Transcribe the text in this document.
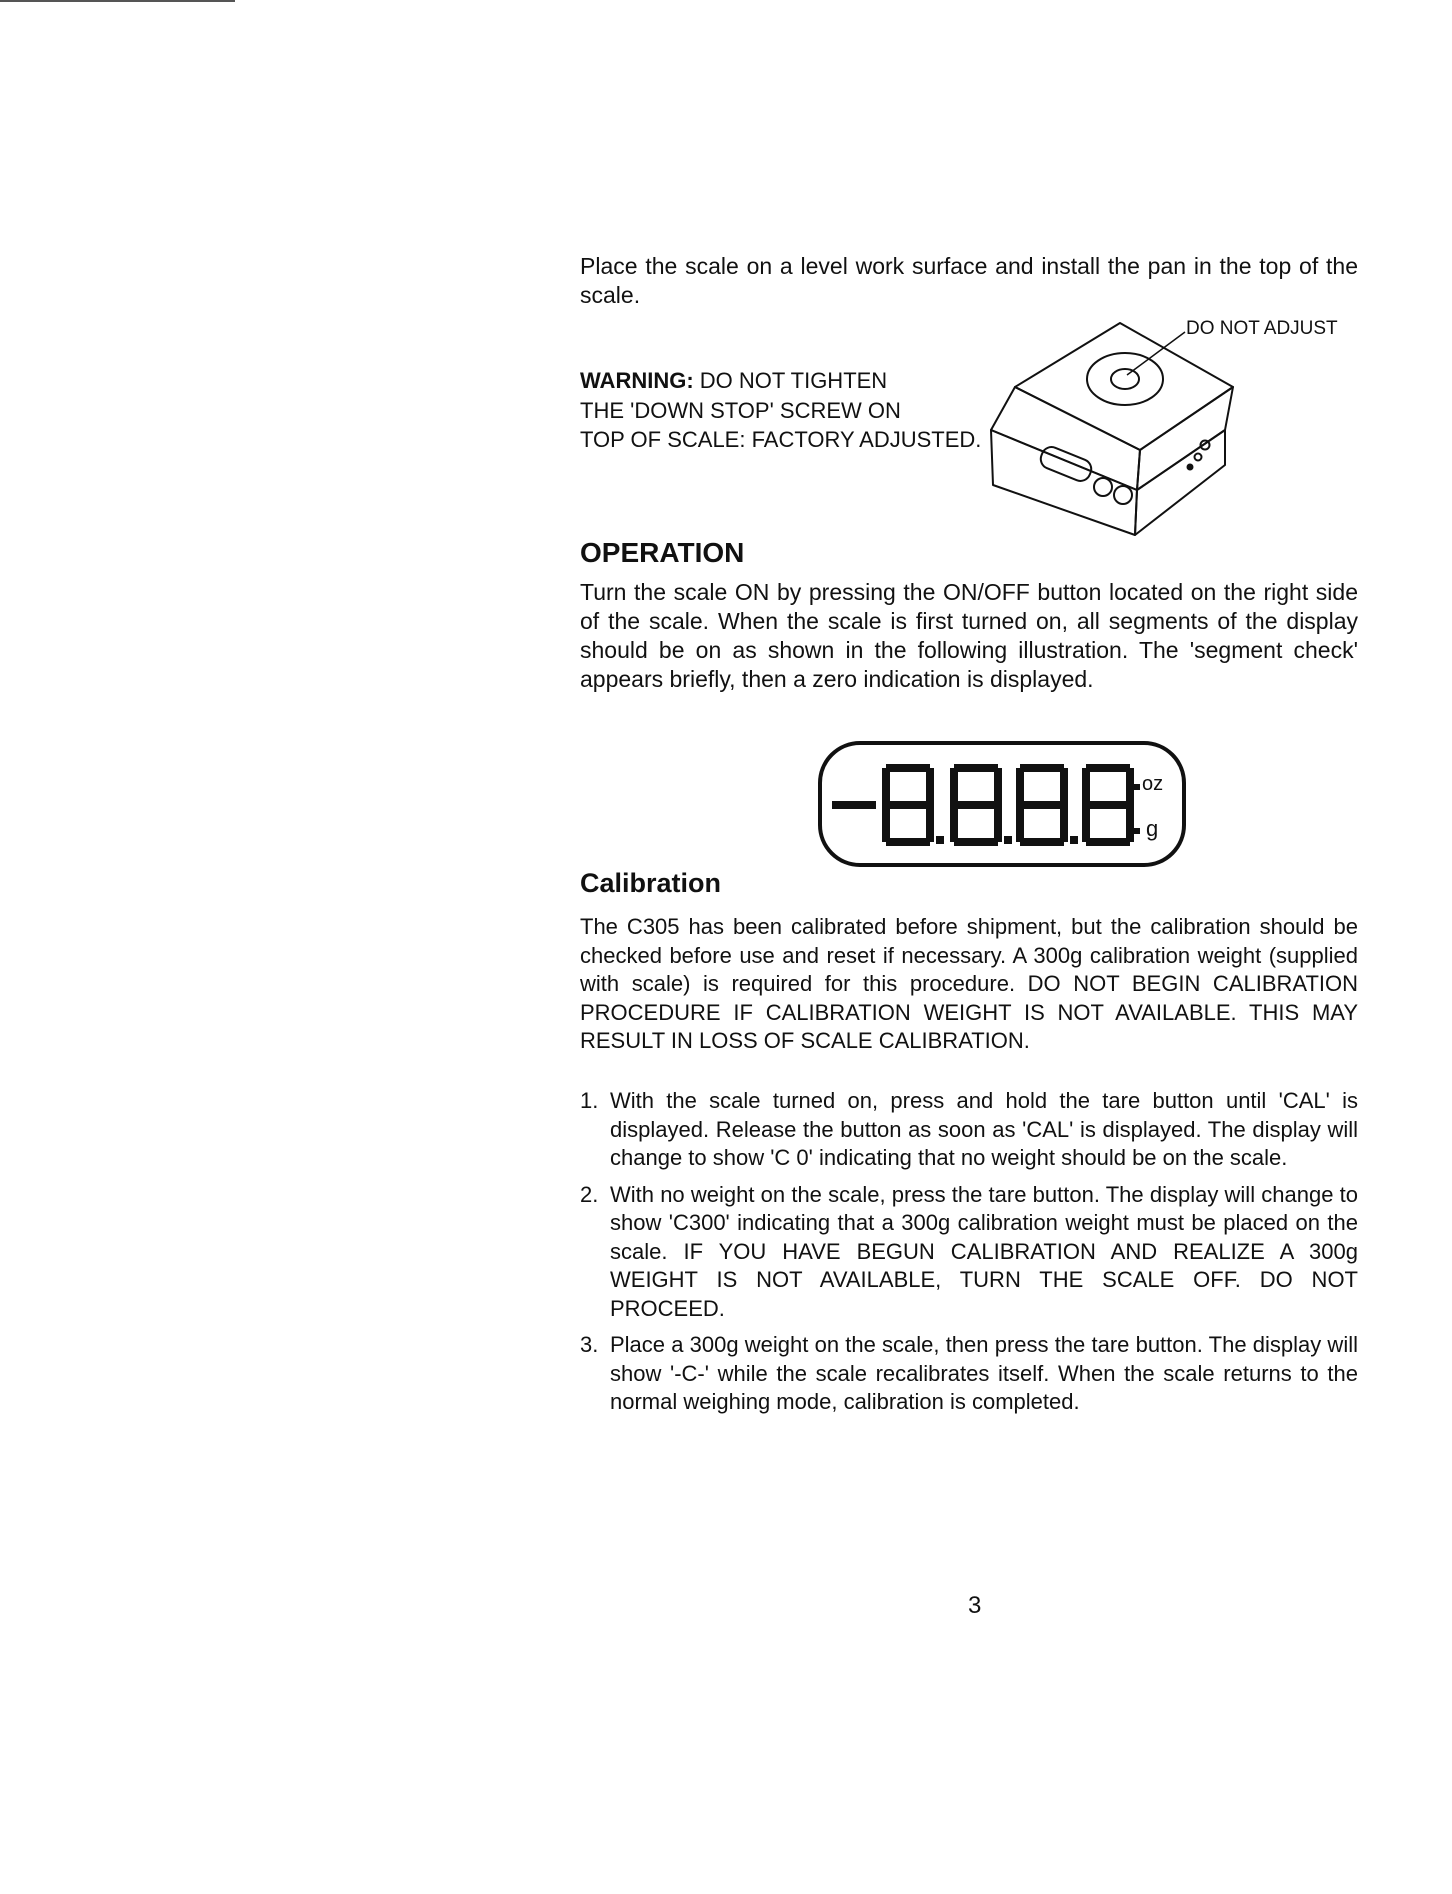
Place the scale on a level work surface and install the pan in the top of the scale.

WARNING: DO NOT TIGHTEN
THE 'DOWN STOP' SCREW ON
TOP OF SCALE: FACTORY ADJUSTED.

DO NOT ADJUST
OPERATION

Turn the scale ON by pressing the ON/OFF button located on the right side of the scale. When the scale is first turned on, all segments of the display should be on as shown in the following illustration. The 'segment check' appears briefly, then a zero indication is displayed.

oz
g
Calibration

The C305 has been calibrated before shipment, but the calibration should be checked before use and reset if necessary. A 300g calibration weight (supplied with scale) is required for this procedure. DO NOT BEGIN CALIBRATION PROCEDURE IF CALIBRATION WEIGHT IS NOT AVAILABLE. THIS MAY RESULT IN LOSS OF SCALE CALIBRATION.

1. With the scale turned on, press and hold the tare button until 'CAL' is displayed. Release the button as soon as 'CAL' is displayed. The display will change to show 'C 0' indicating that no weight should be on the scale.
2. With no weight on the scale, press the tare button. The display will change to show 'C300' indicating that a 300g calibration weight must be placed on the scale. IF YOU HAVE BEGUN CALIBRATION AND REALIZE A 300g WEIGHT IS NOT AVAILABLE, TURN THE SCALE OFF. DO NOT PROCEED.
3. Place a 300g weight on the scale, then press the tare button. The display will show '-C-' while the scale recalibrates itself. When the scale returns to the normal weighing mode, calibration is completed.
3
